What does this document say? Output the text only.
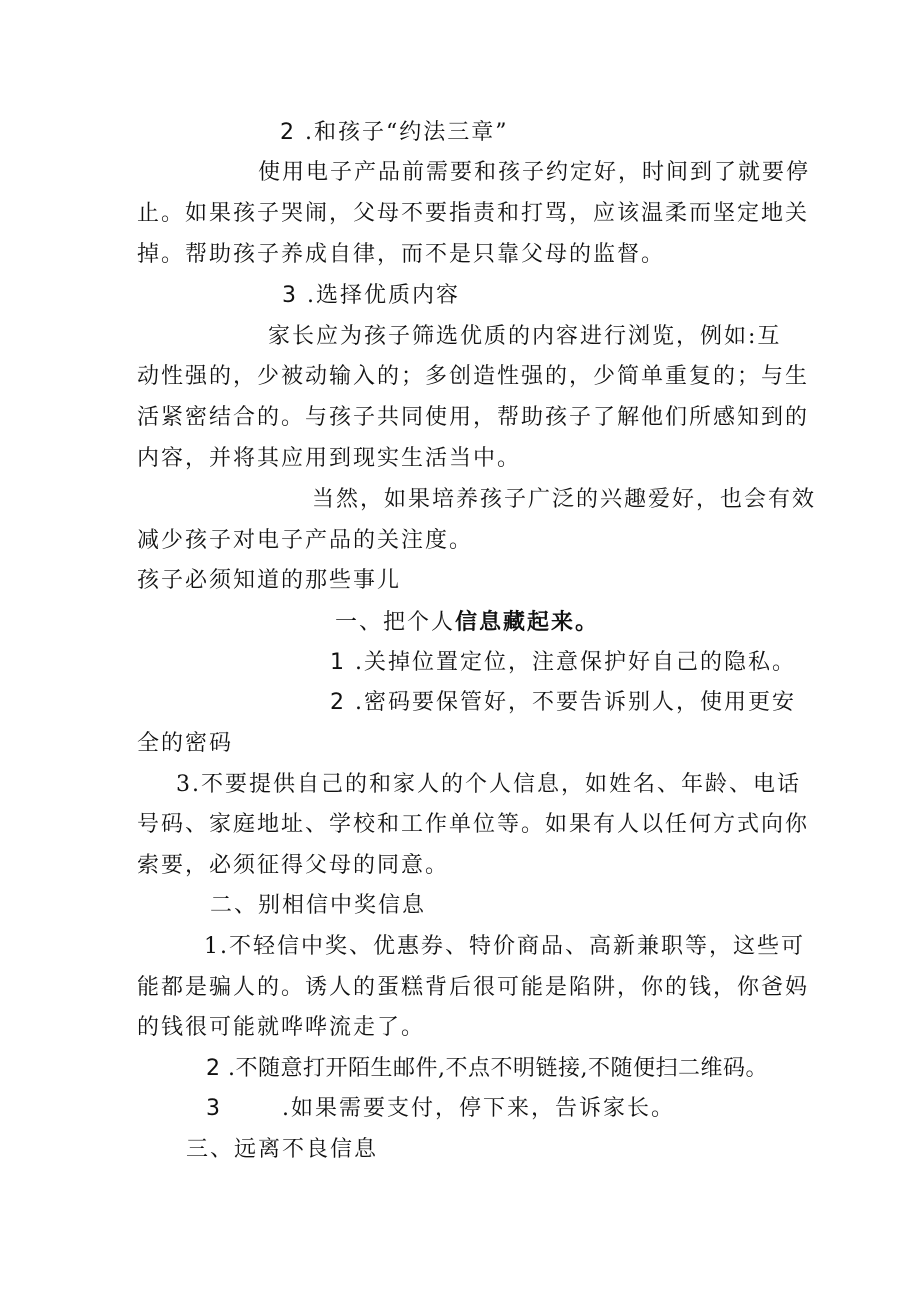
2 .和孩子“约法三章”
使用电子产品前需要和孩子约定好，时间到了就要停
止。如果孩子哭闹，父母不要指责和打骂，应该温柔而坚定地关
掉。帮助孩子养成自律，而不是只靠父母的监督。
3 .选择优质内容
家长应为孩子筛选优质的内容进行浏览，例如:互
动性强的，少被动输入的；多创造性强的，少简单重复的；与生
活紧密结合的。与孩子共同使用，帮助孩子了解他们所感知到的
内容，并将其应用到现实生活当中。
当然，如果培养孩子广泛的兴趣爱好，也会有效
减少孩子对电子产品的关注度。
孩子必须知道的那些事儿
一、把个人信息藏起来。
1 .关掉位置定位，注意保护好自己的隐私。
2 .密码要保管好，不要告诉别人，使用更安
全的密码
3.不要提供自己的和家人的个人信息，如姓名、年龄、电话
号码、家庭地址、学校和工作单位等。如果有人以任何方式向你
索要，必须征得父母的同意。
二、别相信中奖信息
1.不轻信中奖、优惠券、特价商品、高新兼职等，这些可
能都是骗人的。诱人的蛋糕背后很可能是陷阱，你的钱，你爸妈
的钱很可能就哗哗流走了。
2 .不随意打开陌生邮件,不点不明链接,不随便扫二维码。
3	.如果需要支付，停下来，告诉家长。
三、远离不良信息
